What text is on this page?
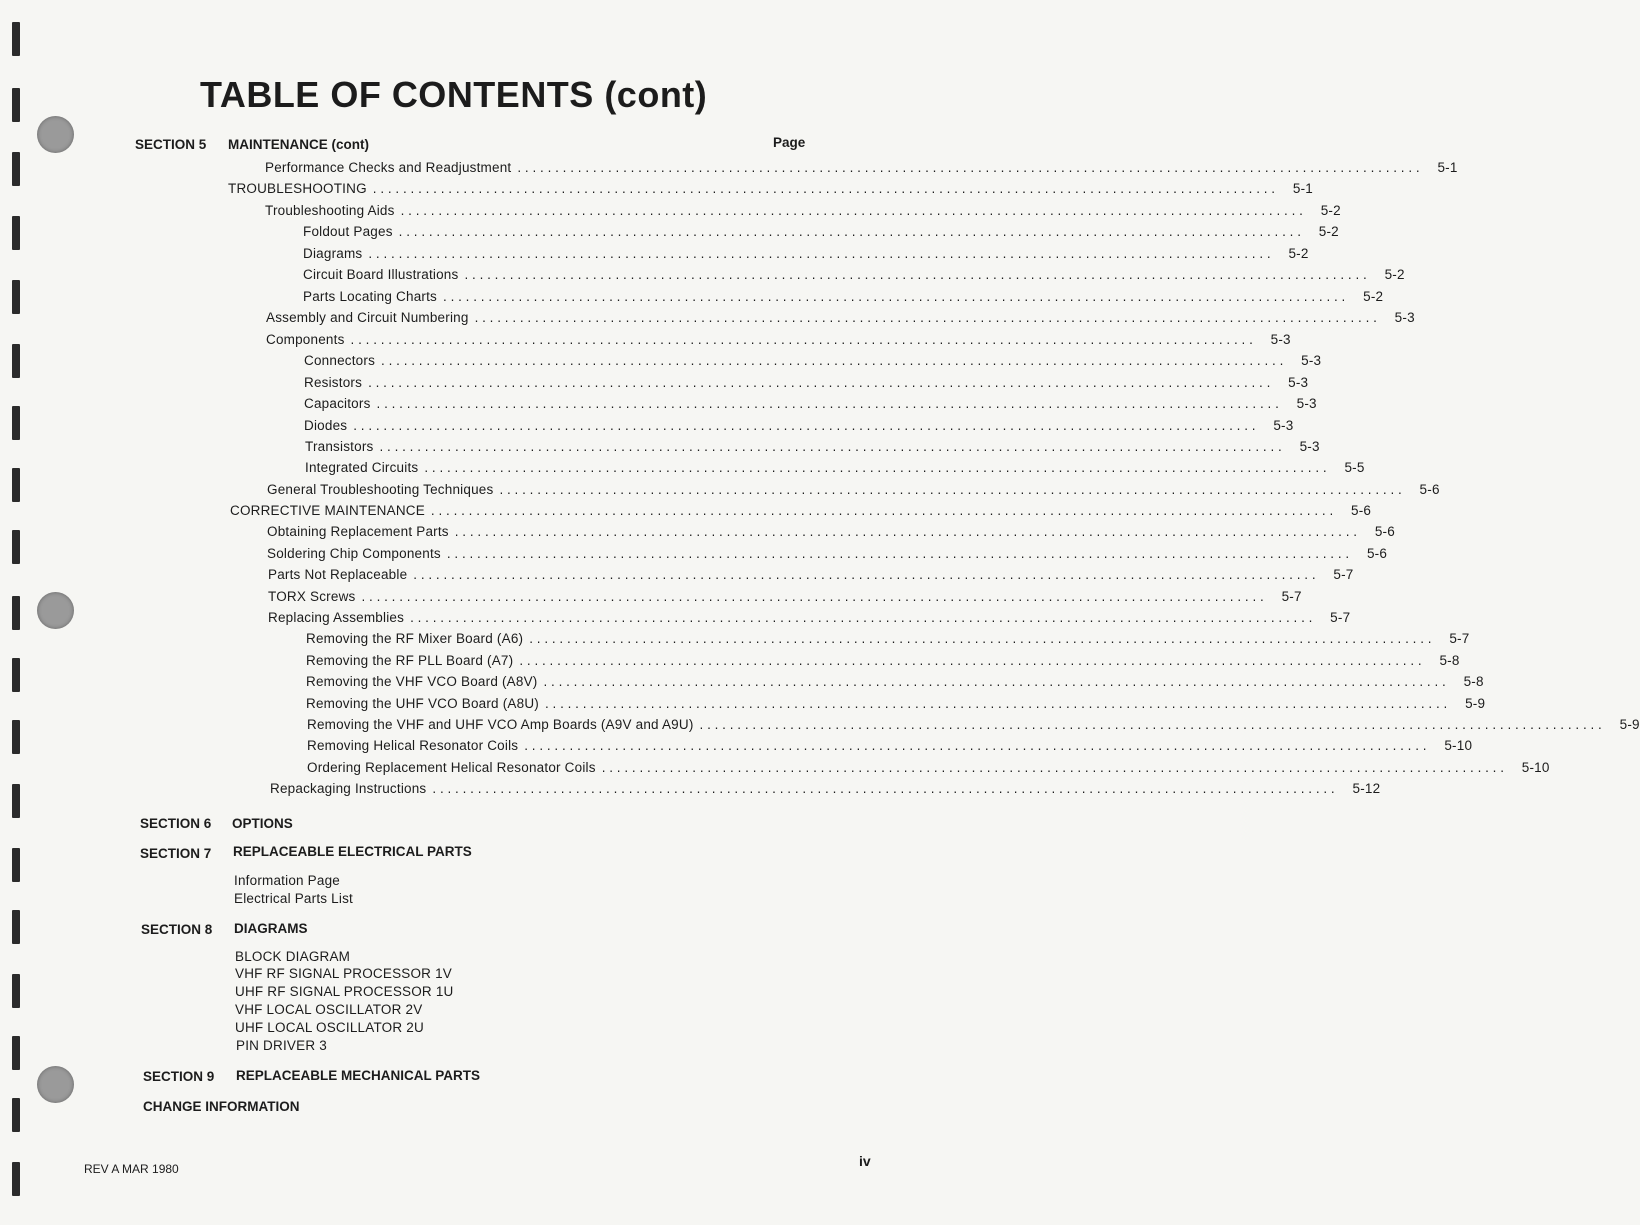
TABLE OF CONTENTS (cont)
SECTION 5 MAINTENANCE (cont)	Page
Performance Checks and Readjustment ........................................................................................................................ 5-1
TROUBLESHOOTING ........................................................................................................................ 5-1
Troubleshooting Aids ........................................................................................................................ 5-2
Foldout Pages ........................................................................................................................ 5-2
Diagrams ........................................................................................................................ 5-2
Circuit Board Illustrations ........................................................................................................................ 5-2
Parts Locating Charts ........................................................................................................................ 5-2
Assembly and Circuit Numbering ........................................................................................................................ 5-3
Components ........................................................................................................................ 5-3
Connectors ........................................................................................................................ 5-3
Resistors ........................................................................................................................ 5-3
Capacitors ........................................................................................................................ 5-3
Diodes ........................................................................................................................ 5-3
Transistors ........................................................................................................................ 5-3
Integrated Circuits ........................................................................................................................ 5-5
General Troubleshooting Techniques ........................................................................................................................ 5-6
CORRECTIVE MAINTENANCE ........................................................................................................................ 5-6
Obtaining Replacement Parts ........................................................................................................................ 5-6
Soldering Chip Components ........................................................................................................................ 5-6
Parts Not Replaceable ........................................................................................................................ 5-7
TORX Screws ........................................................................................................................ 5-7
Replacing Assemblies ........................................................................................................................ 5-7
Removing the RF Mixer Board (A6) ........................................................................................................................ 5-7
Removing the RF PLL Board (A7) ........................................................................................................................ 5-8
Removing the VHF VCO Board (A8V) ........................................................................................................................ 5-8
Removing the UHF VCO Board (A8U) ........................................................................................................................ 5-9
Removing the VHF and UHF VCO Amp Boards (A9V and A9U) ........................................................................................................................ 5-9
Removing Helical Resonator Coils ........................................................................................................................ 5-10
Ordering Replacement Helical Resonator Coils ........................................................................................................................ 5-10
Repackaging Instructions ........................................................................................................................ 5-12
SECTION 6 OPTIONS
SECTION 7 REPLACEABLE ELECTRICAL PARTS
Information Page
Electrical Parts List
SECTION 8 DIAGRAMS
BLOCK DIAGRAM
VHF RF SIGNAL PROCESSOR 1V
UHF RF SIGNAL PROCESSOR 1U
VHF LOCAL OSCILLATOR 2V
UHF LOCAL OSCILLATOR 2U
PIN DRIVER 3
SECTION 9 REPLACEABLE MECHANICAL PARTS
CHANGE INFORMATION
REV A MAR 1980	iv
